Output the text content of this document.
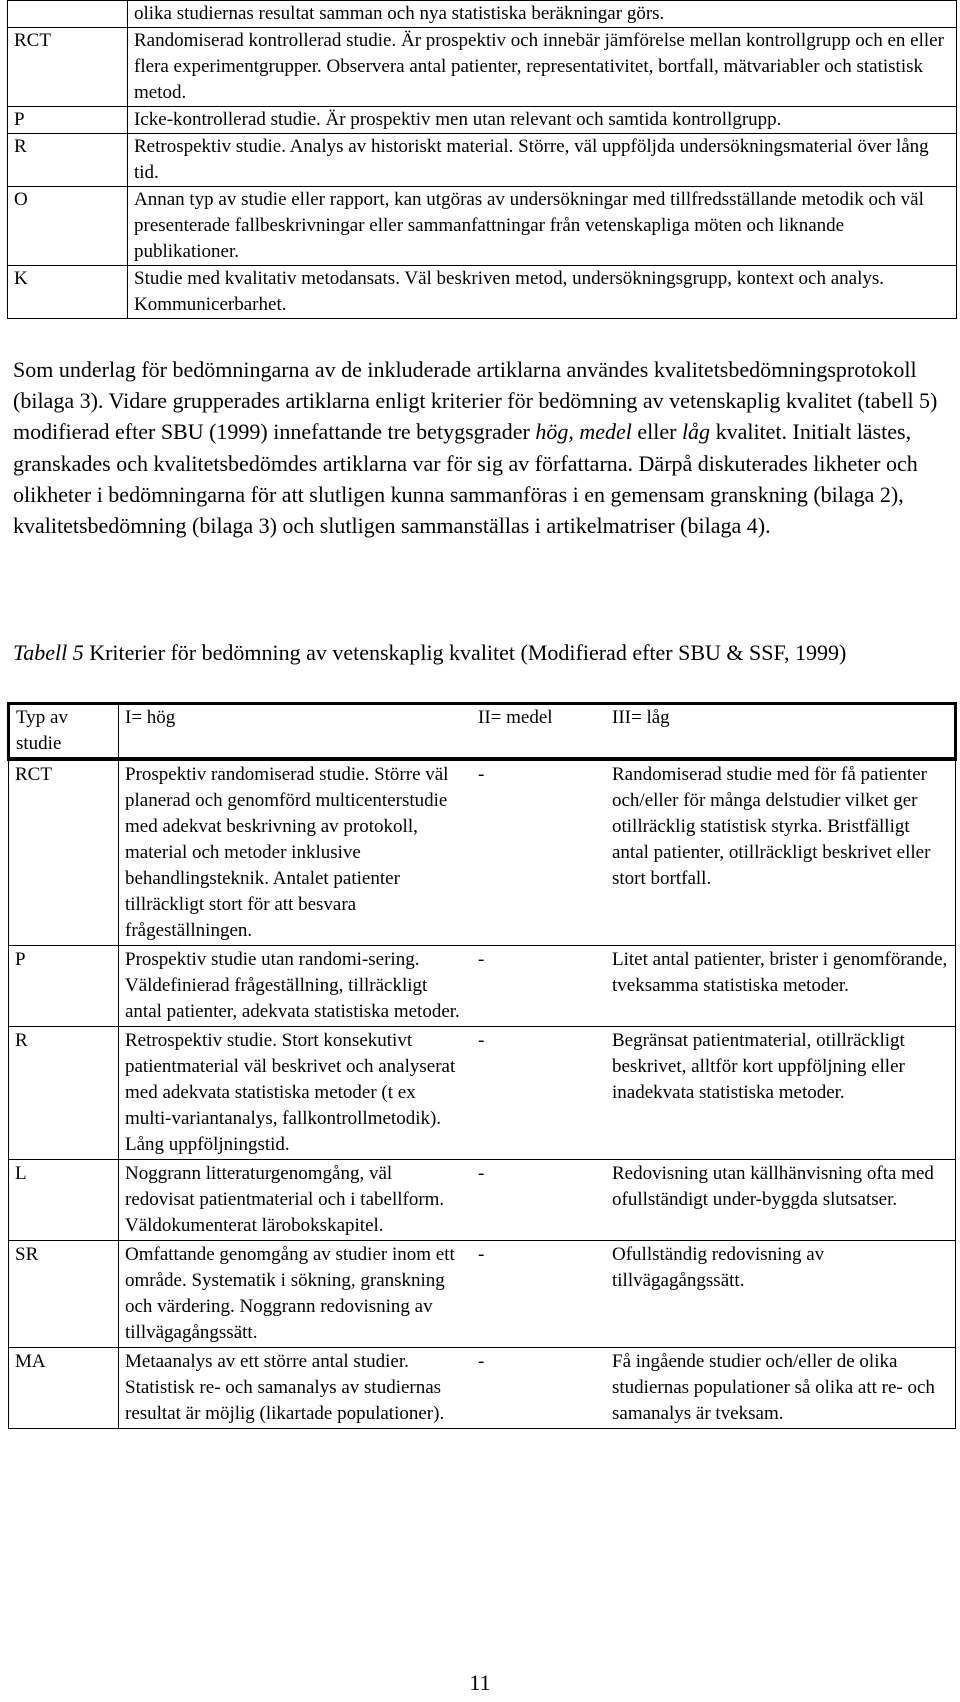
	olika studiernas resultat samman och nya statistiska beräkningar görs.
RCT	Randomiserad kontrollerad studie. Är prospektiv och innebär jämförelse mellan kontrollgrupp och en eller flera experimentgrupper. Observera antal patienter, representativitet, bortfall, mätvariabler och statistisk metod.
P	Icke-kontrollerad studie. Är prospektiv men utan relevant och samtida kontrollgrupp.
R	Retrospektiv studie. Analys av historiskt material. Större, väl uppföljda undersökningsmaterial över lång tid.
O	Annan typ av studie eller rapport, kan utgöras av undersökningar med tillfredsställande metodik och väl presenterade fallbeskrivningar eller sammanfattningar från vetenskapliga möten och liknande publikationer.
K	Studie med kvalitativ metodansats. Väl beskriven metod, undersökningsgrupp, kontext och analys. Kommunicerbarhet.

Som underlag för bedömningarna av de inkluderade artiklarna användes kvalitetsbedömningsprotokoll (bilaga 3). Vidare grupperades artiklarna enligt kriterier för bedömning av vetenskaplig kvalitet (tabell 5) modifierad efter SBU (1999) innefattande tre betygsgrader hög, medel eller låg kvalitet. Initialt lästes, granskades och kvalitetsbedömdes artiklarna var för sig av författarna. Därpå diskuterades likheter och olikheter i bedömningarna för att slutligen kunna sammanföras i en gemensam granskning (bilaga 2), kvalitetsbedömning (bilaga 3) och slutligen sammanställas i artikelmatriser (bilaga 4).

Tabell 5 Kriterier för bedömning av vetenskaplig kvalitet (Modifierad efter SBU & SSF, 1999)

Typ av studie	I= hög	II= medel	III= låg
RCT	Prospektiv randomiserad studie. Större väl planerad och genomförd multicenterstudie med adekvat beskrivning av protokoll, material och metoder inklusive behandlingsteknik. Antalet patienter tillräckligt stort för att besvara frågeställningen.	-	Randomiserad studie med för få patienter och/eller för många delstudier vilket ger otillräcklig statistisk styrka. Bristfälligt antal patienter, otillräckligt beskrivet eller stort bortfall.
P	Prospektiv studie utan randomi-sering. Väldefinierad frågeställning, tillräckligt antal patienter, adekvata statistiska metoder.	-	Litet antal patienter, brister i genomförande, tveksamma statistiska metoder.
R	Retrospektiv studie. Stort konsekutivt patientmaterial väl beskrivet och analyserat med adekvata statistiska metoder (t ex multi-variantanalys, fallkontrollmetodik). Lång uppföljningstid.	-	Begränsat patientmaterial, otillräckligt beskrivet, alltför kort uppföljning eller inadekvata statistiska metoder.
L	Noggrann litteraturgenomgång, väl redovisat patientmaterial och i tabellform. Väldokumenterat lärobokskapitel.	-	Redovisning utan källhänvisning ofta med ofullständigt under-byggda slutsatser.
SR	Omfattande genomgång av studier inom ett område. Systematik i sökning, granskning och värdering. Noggrann redovisning av tillvägagångssätt.	-	Ofullständig redovisning av tillvägagångssätt.
MA	Metaanalys av ett större antal studier. Statistisk re- och samanalys av studiernas resultat är möjlig (likartade populationer).	-	Få ingående studier och/eller de olika studiernas populationer så olika att re- och samanalys är tveksam.
11
